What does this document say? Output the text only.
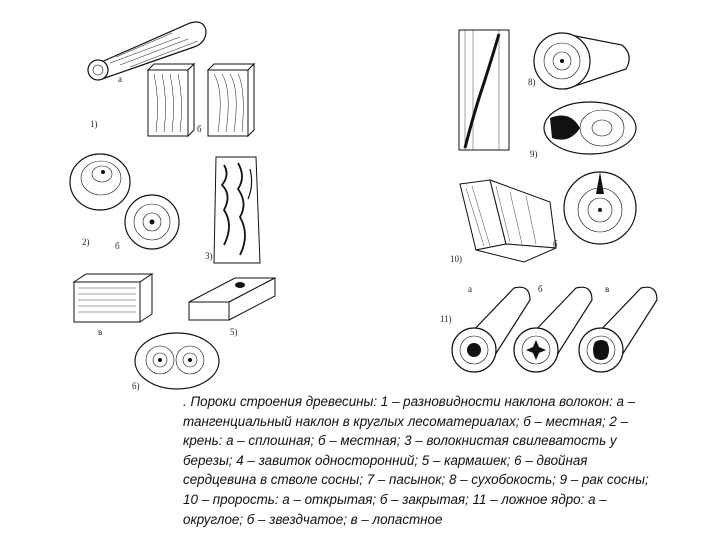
а
1)	б
2)	б
3)
в	5)
6)
8)
9)
10)
б
а
11)
б	в
. Пороки строения древесины: 1 – разновидности наклона волокон: а –
тангенциальный наклон в круглых лесоматериалах; б – местная; 2 –
крень: а – сплошная; б – местная; 3 – волокнистая свилеватость у
березы; 4 – завиток односторонний; 5 – кармашек; 6 – двойная
сердцевина в стволе сосны; 7 – пасынок; 8 – сухобокость; 9 – рак сосны;
10 – прорость: а – открытая; б – закрытая; 11 – ложное ядро: а –
округлое; б – звездчатое; в – лопастное
